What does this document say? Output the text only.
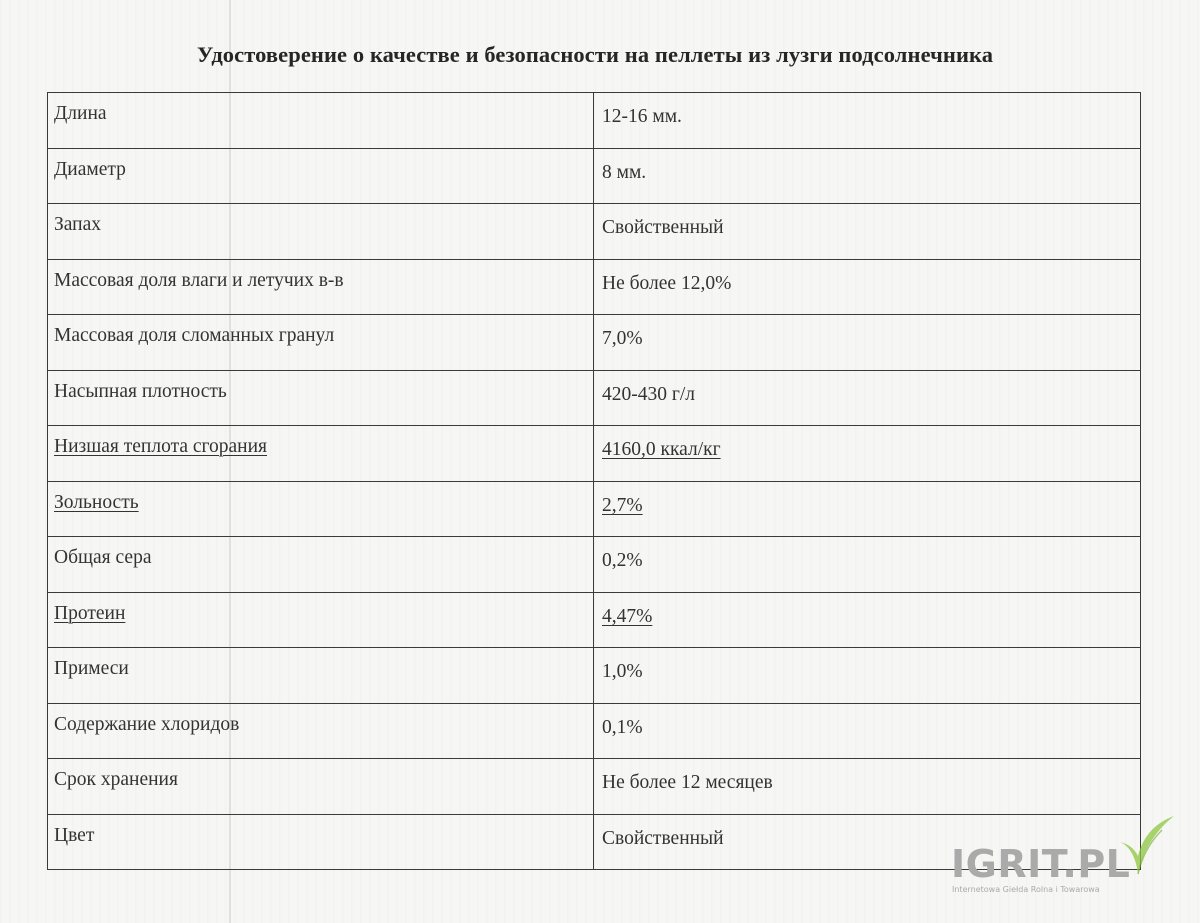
Удостоверение о качестве и безопасности на пеллеты из лузги подсолнечника
Длина	12-16 мм.
Диаметр	8 мм.
Запах	Свойственный
Массовая доля влаги и летучих в-в	Не более 12,0%
Массовая доля сломанных гранул	7,0%
Насыпная плотность	420-430 г/л
Низшая теплота сгорания	4160,0 ккал/кг
Зольность	2,7%
Общая сера	0,2%
Протеин	4,47%
Примеси	1,0%
Содержание хлоридов	0,1%
Срок хранения	Не более 12 месяцев
Цвет	Свойственный
IGRIT.PL
Internetowa Giełda Rolna i Towarowa
